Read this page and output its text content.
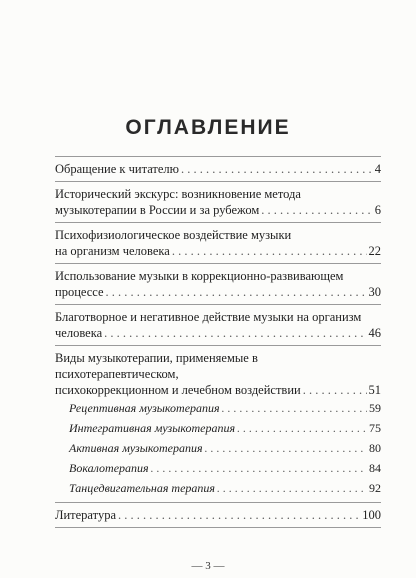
ОГЛАВЛЕНИЕ
Обращение к читателю . . .	4
Исторический экскурс: возникновение метода
музыкотерапии в России и за рубежом . . .	6
Психофизиологическое воздействие музыки
на организм человека . . .	22
Использование музыки в коррекционно-развивающем
процессе . . .	30
Благотворное и негативное действие музыки на организм
человека . . .	46
Виды музыкотерапии, применяемые в психотерапевтическом,
психокоррекционном и лечебном воздействии . . .	51
Рецептивная музыкотерапия . . .	59
Интегративная музыкотерапия . . .	75
Активная музыкотерапия . . .	80
Вокалотерапия . . .	84
Танцедвигательная терапия . . .	92
Литература . . .	100
— 3 —
